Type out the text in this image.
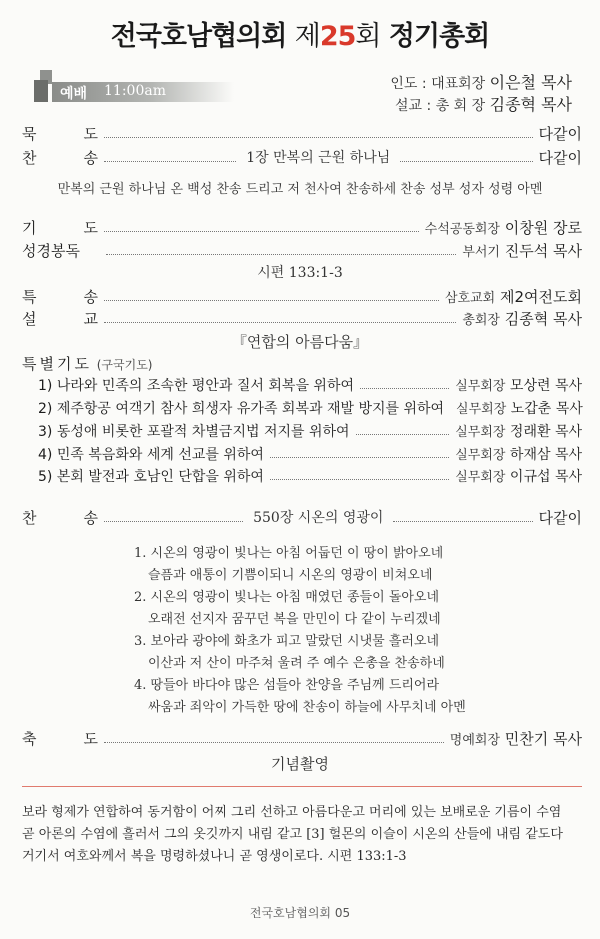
전국호남협의회 제25회 정기총회
예배 11:00am	인도 : 대표회장 이은철 목사
설교 : 총 회 장 김종혁 목사
묵	도	다같이
찬	송	1장 만복의 근원 하나님	다같이
만복의 근원 하나님 온 백성 찬송 드리고 저 천사여 찬송하세 찬송 성부 성자 성령 아멘
기	도	수석공동회장 이창원 장로
성경봉독	부서기 진두석 목사
시편 133:1-3
특	송	삼호교회 제2여전도회
설	교	총회장 김종혁 목사
『연합의 아름다움』
특별기도 (구국기도)
1) 나라와 민족의 조속한 평안과 질서 회복을 위하여	실무회장 모상련 목사
2) 제주항공 여객기 참사 희생자 유가족 회복과 재발 방지를 위하여 실무회장 노갑춘 목사
3) 동성애 비롯한 포괄적 차별금지법 저지를 위하여	실무회장 정래환 목사
4) 민족 복음화와 세계 선교를 위하여	실무회장 하재삼 목사
5) 본회 발전과 호남인 단합을 위하여	실무회장 이규섭 목사
찬	송	550장 시온의 영광이	다같이
1. 시온의 영광이 빛나는 아침 어둡던 이 땅이 밝아오네
슬픔과 애통이 기쁨이되니 시온의 영광이 비쳐오네
2. 시온의 영광이 빛나는 아침 매였던 종들이 돌아오네
오래전 선지자 꿈꾸던 복을 만민이 다 같이 누리겠네
3. 보아라 광야에 화초가 피고 말랐던 시냇물 흘러오네
이산과 저 산이 마주쳐 울려 주 예수 은총을 찬송하네
4. 땅들아 바다야 많은 섬들아 찬양을 주님께 드리어라
싸움과 죄악이 가득한 땅에 찬송이 하늘에 사무치네 아멘
축	도	명예회장 민찬기 목사
기념촬영
보라 형제가 연합하여 동거함이 어찌 그리 선하고 아름다운고 머리에 있는 보배로운 기름이 수염
곧 아론의 수염에 흘러서 그의 옷깃까지 내림 같고 [3] 헐몬의 이슬이 시온의 산들에 내림 같도다
거기서 여호와께서 복을 명령하셨나니 곧 영생이로다. 시편 133:1-3
전국호남협의회 05
